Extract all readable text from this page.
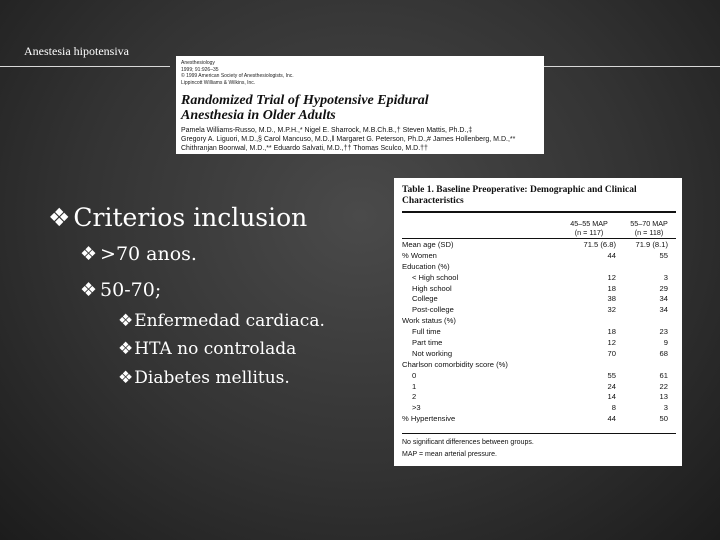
Anestesia hipotensiva
Anesthesiology
1999; 91:926–35
© 1999 American Society of Anesthesiologists, Inc.
Lippincott Williams & Wilkins, Inc.
Randomized Trial of Hypotensive Epidural
Anesthesia in Older Adults
Pamela Williams-Russo, M.D., M.P.H.,* Nigel E. Sharrock, M.B.Ch.B.,† Steven Mattis, Ph.D.,‡
Gregory A. Liguori, M.D.,§ Carol Mancuso, M.D.,‖ Margaret G. Peterson, Ph.D.,# James Hollenberg, M.D.,**
Chithranjan Boonwal, M.D.,** Eduardo Salvati, M.D.,†† Thomas Sculco, M.D.††
❖ Criterios inclusion
❖ >70 anos.
❖ 50-70;
❖Enfermedad cardiaca.
❖HTA no controlada
❖Diabetes mellitus.
Table 1. Baseline Preoperative: Demographic and Clinical Characteristics
45–55 MAP
(n = 117)
55–70 MAP
(n = 118)
Mean age (SD)	71.5 (6.8)	71.9 (8.1)
% Women	44	55
Education (%)
< High school	12	3
High school	18	29
College	38	34
Post-college	32	34
Work status (%)
Full time	18	23
Part time	12	9
Not working	70	68
Charlson comorbidity score (%)
0	55	61
1	24	22
2	14	13
>3	8	3
% Hypertensive	44	50
No significant differences between groups.
MAP = mean arterial pressure.
